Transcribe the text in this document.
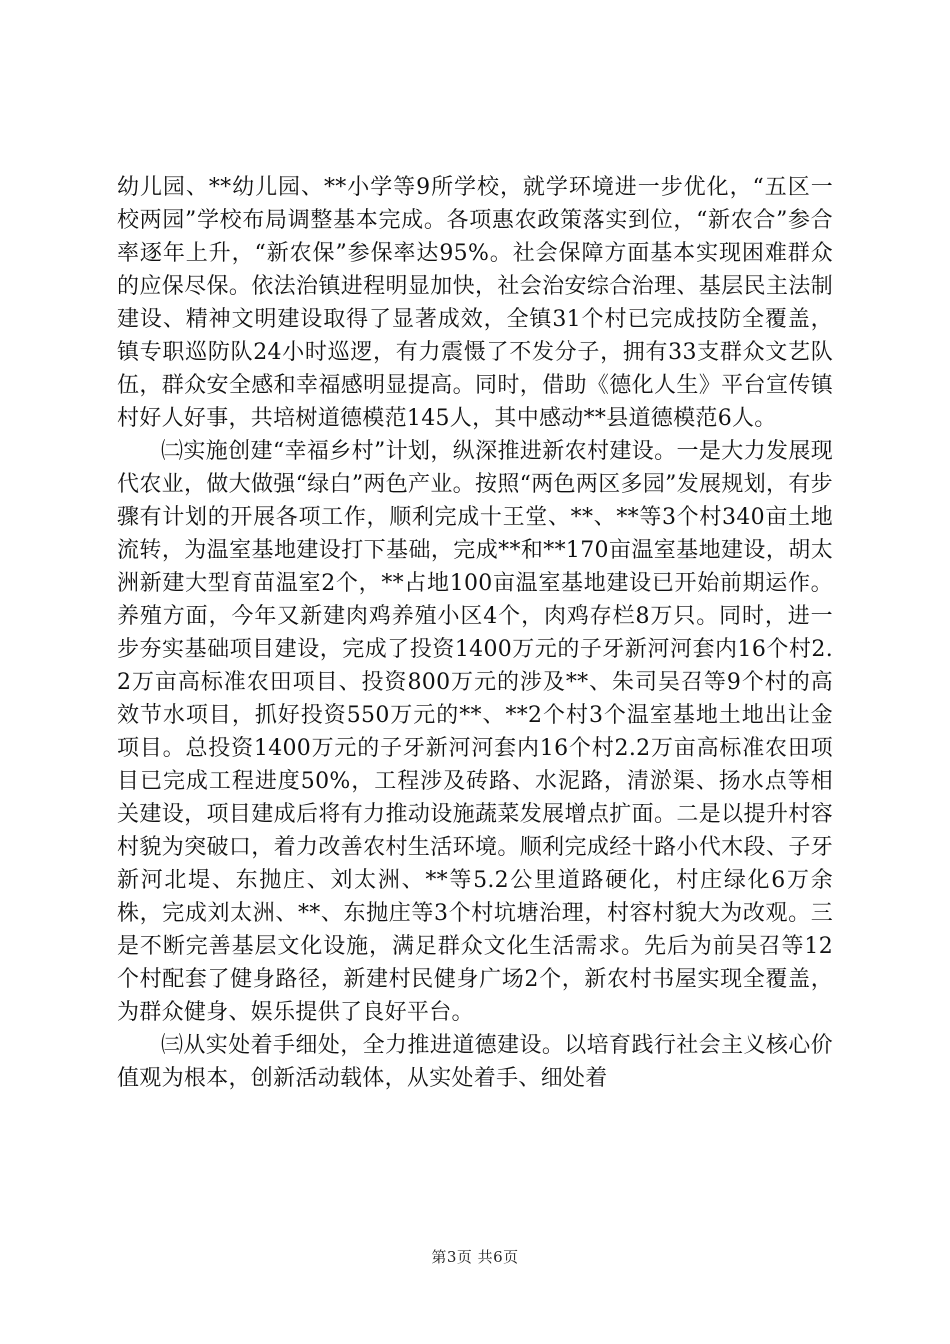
幼儿园、**幼儿园、**小学等9所学校，就学环境进一步优化，“五区一校两园”学校布局调整基本完成。各项惠农政策落实到位，“新农合”参合率逐年上升，“新农保”参保率达95%。社会保障方面基本实现困难群众的应保尽保。依法治镇进程明显加快，社会治安综合治理、基层民主法制建设、精神文明建设取得了显著成效，全镇31个村已完成技防全覆盖，镇专职巡防队24小时巡逻，有力震慑了不发分子，拥有33支群众文艺队伍，群众安全感和幸福感明显提高。同时，借助《德化人生》平台宣传镇村好人好事，共培树道德模范145人，其中感动**县道德模范6人。

㈡实施创建“幸福乡村”计划，纵深推进新农村建设。一是大力发展现代农业，做大做强“绿白”两色产业。按照“两色两区多园”发展规划，有步骤有计划的开展各项工作，顺利完成十王堂、**、**等3个村340亩土地流转，为温室基地建设打下基础，完成**和**170亩温室基地建设，胡太洲新建大型育苗温室2个，**占地100亩温室基地建设已开始前期运作。养殖方面，今年又新建肉鸡养殖小区4个，肉鸡存栏8万只。同时，进一步夯实基础项目建设，完成了投资1400万元的子牙新河河套内16个村2.2万亩高标准农田项目、投资800万元的涉及**、朱司吴召等9个村的高效节水项目，抓好投资550万元的**、**2个村3个温室基地土地出让金项目。总投资1400万元的子牙新河河套内16个村2.2万亩高标准农田项目已完成工程进度50%，工程涉及砖路、水泥路，清淤渠、扬水点等相关建设，项目建成后将有力推动设施蔬菜发展增点扩面。二是以提升村容村貌为突破口，着力改善农村生活环境。顺利完成经十路小代木段、子牙新河北堤、东抛庄、刘太洲、**等5.2公里道路硬化，村庄绿化6万余株，完成刘太洲、**、东抛庄等3个村坑塘治理，村容村貌大为改观。三是不断完善基层文化设施，满足群众文化生活需求。先后为前吴召等12个村配套了健身路径，新建村民健身广场2个，新农村书屋实现全覆盖，为群众健身、娱乐提供了良好平台。

㈢从实处着手细处，全力推进道德建设。以培育践行社会主义核心价值观为根本，创新活动载体，从实处着手、细处着

第3页 共6页
